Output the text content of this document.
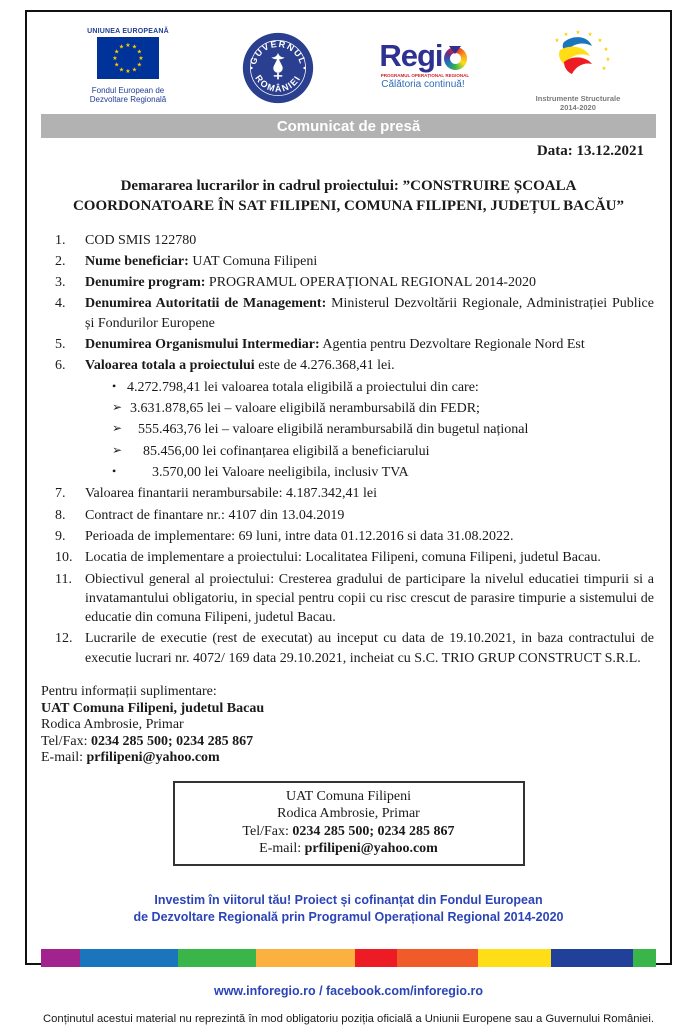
UNIUNEA EUROPEANĂ
★ ★
★
★
★
★
★
★
★
★
★
★
Fondul European de Dezvoltare Regională
GUVERNUL
ROMÂNIEI
Regi
PROGRAMUL OPERAȚIONAL REGIONAL
Călătoria continuă!
★ ★
★
★
★
★
★
★
Instrumente Structurale
2014-2020
Comunicat de presă
Data: 13.12.2021
Demararea lucrarilor in cadrul proiectului: ”CONSTRUIRE ȘCOALA COORDONATOARE ÎN SAT FILIPENI, COMUNA FILIPENI, JUDEȚUL BACĂU”
1.	COD SMIS 122780
2.	Nume beneficiar: UAT Comuna Filipeni
3.	Denumire program: PROGRAMUL OPERAȚIONAL REGIONAL 2014-2020
4.	Denumirea Autoritatii de Management: Ministerul Dezvoltării Regionale, Administrației Publice și Fondurilor Europene
5.	Denumirea Organismului Intermediar: Agentia pentru Dezvoltare Regionale Nord Est
6.	Valoarea totala a proiectului este de 4.276.368,41 lei.
• 4.272.798,41 lei valoarea totala eligibilă a proiectului din care:
➢ 3.631.878,65 lei – valoare eligibilă nerambursabilă din FEDR;
➢	555.463,76 lei – valoare eligibilă nerambursabilă din bugetul național
➢	85.456,00 lei cofinanțarea eligibilă a beneficiarului
•	3.570,00 lei Valoare neeligibila, inclusiv TVA
7.	Valoarea finantarii nerambursabile: 4.187.342,41 lei
8.	Contract de finantare nr.: 4107 din 13.04.2019
9.	Perioada de implementare: 69 luni, intre data 01.12.2016 si data 31.08.2022.
10. Locatia de implementare a proiectului: Localitatea Filipeni, comuna Filipeni, judetul Bacau.
11. Obiectivul general al proiectului: Cresterea gradului de participare la nivelul educatiei timpurii si a invatamantului obligatoriu, in special pentru copii cu risc crescut de parasire timpurie a sistemului de educatie din comuna Filipeni, judetul Bacau.
12. Lucrarile de executie (rest de executat) au inceput cu data de 19.10.2021, in baza contractului de executie lucrari nr. 4072/ 169 data 29.10.2021, incheiat cu S.C. TRIO GRUP CONSTRUCT S.R.L.
Pentru informații suplimentare:
UAT Comuna Filipeni, judetul Bacau
Rodica Ambrosie, Primar
Tel/Fax: 0234 285 500; 0234 285 867
E-mail: prfilipeni@yahoo.com
UAT Comuna Filipeni
Rodica Ambrosie, Primar
Tel/Fax: 0234 285 500; 0234 285 867
E-mail: prfilipeni@yahoo.com
Investim în viitorul tău! Proiect și cofinanțat din Fondul European
de Dezvoltare Regională prin Programul Operațional Regional 2014-2020
www.inforegio.ro / facebook.com/inforegio.ro
Conținutul acestui material nu reprezintă în mod obligatoriu poziția oficială a Uniunii Europene sau a Guvernului României.
